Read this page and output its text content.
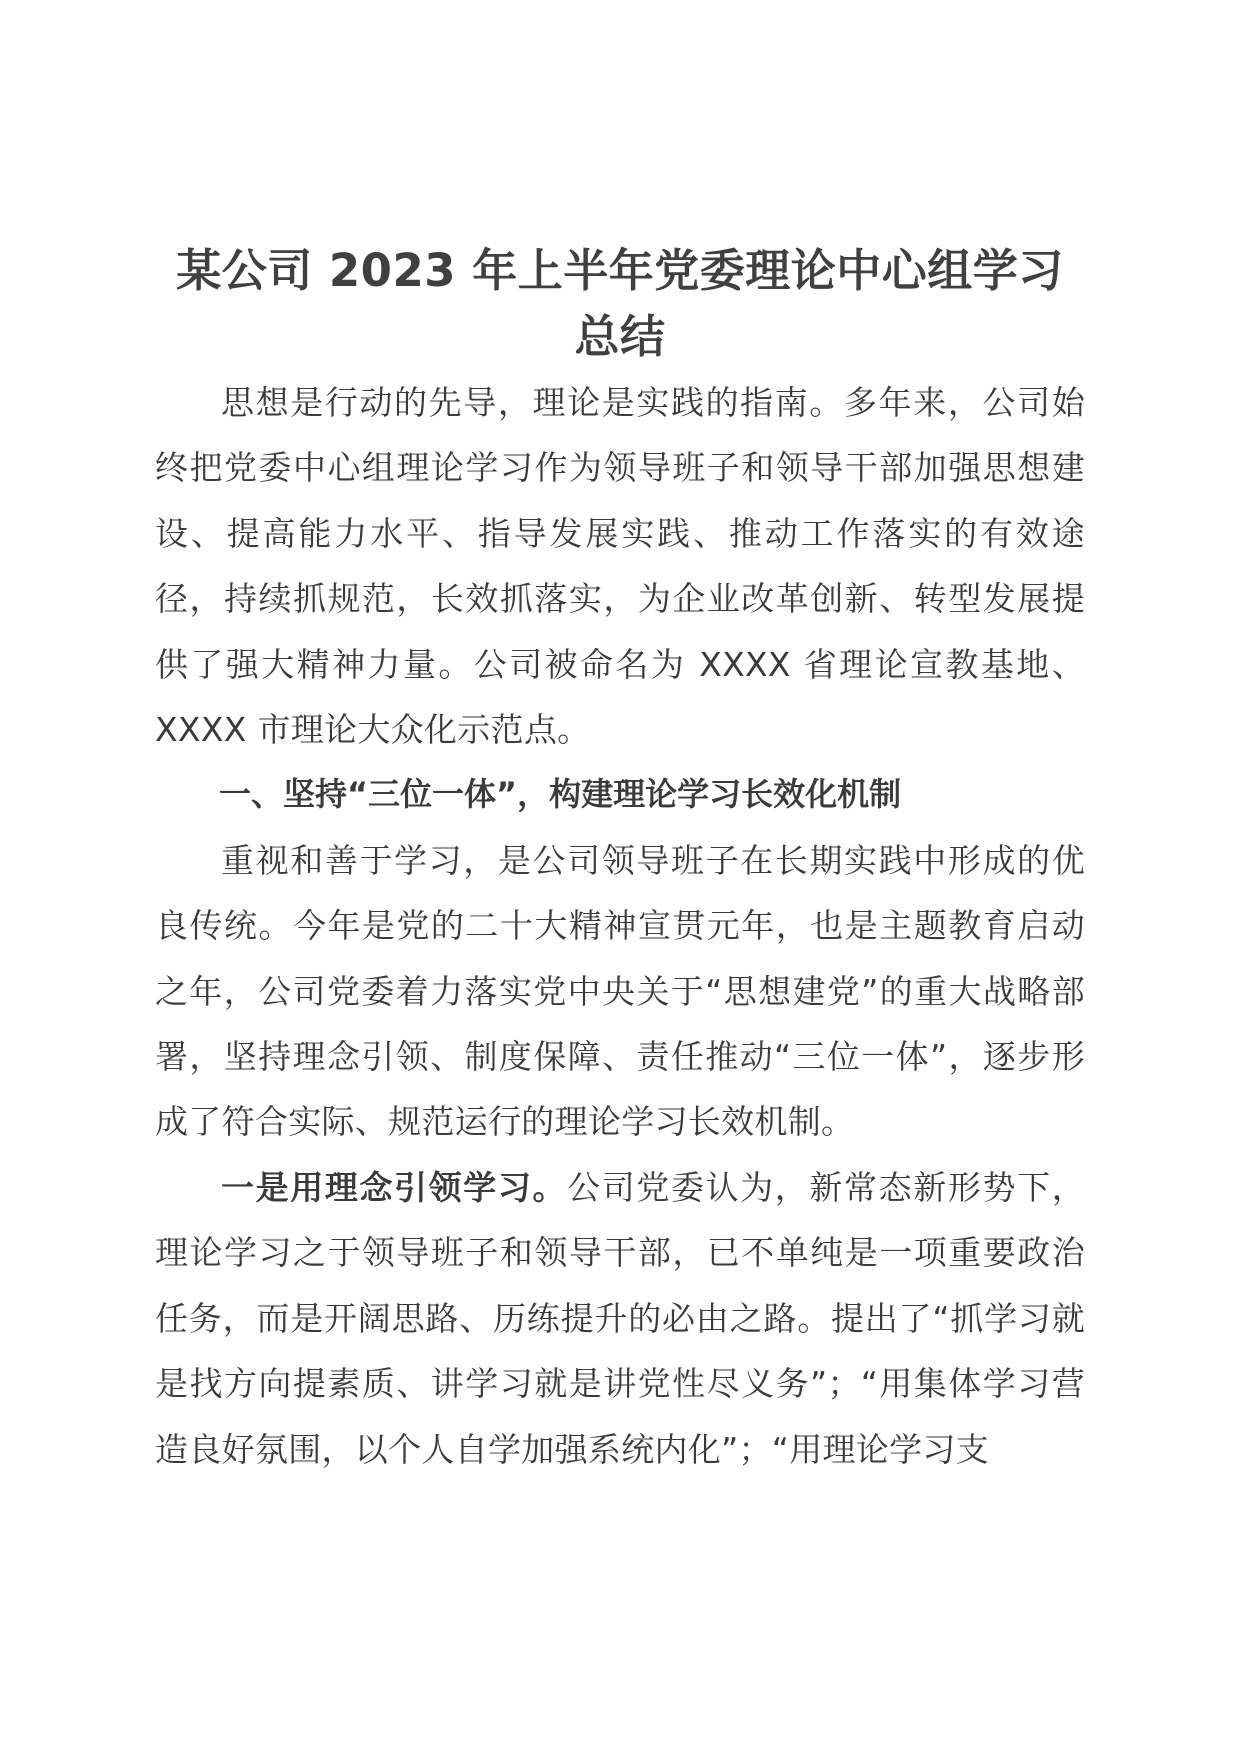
某公司 2023 年上半年党委理论中心组学习总结

思想是行动的先导，理论是实践的指南。多年来，公司始终把党委中心组理论学习作为领导班子和领导干部加强思想建设、提高能力水平、指导发展实践、推动工作落实的有效途径，持续抓规范，长效抓落实，为企业改革创新、转型发展提供了强大精神力量。公司被命名为 XXXX 省理论宣教基地、XXXX 市理论大众化示范点。

一、坚持“三位一体”，构建理论学习长效化机制

重视和善于学习，是公司领导班子在长期实践中形成的优良传统。今年是党的二十大精神宣贯元年，也是主题教育启动之年，公司党委着力落实党中央关于“思想建党”的重大战略部署，坚持理念引领、制度保障、责任推动“三位一体”，逐步形成了符合实际、规范运行的理论学习长效机制。

一是用理念引领学习。公司党委认为，新常态新形势下，理论学习之于领导班子和领导干部，已不单纯是一项重要政治任务，而是开阔思路、历练提升的必由之路。提出了“抓学习就是找方向提素质、讲学习就是讲党性尽义务”；“用集体学习营造良好氛围，以个人自学加强系统内化”；“用理论学习支
